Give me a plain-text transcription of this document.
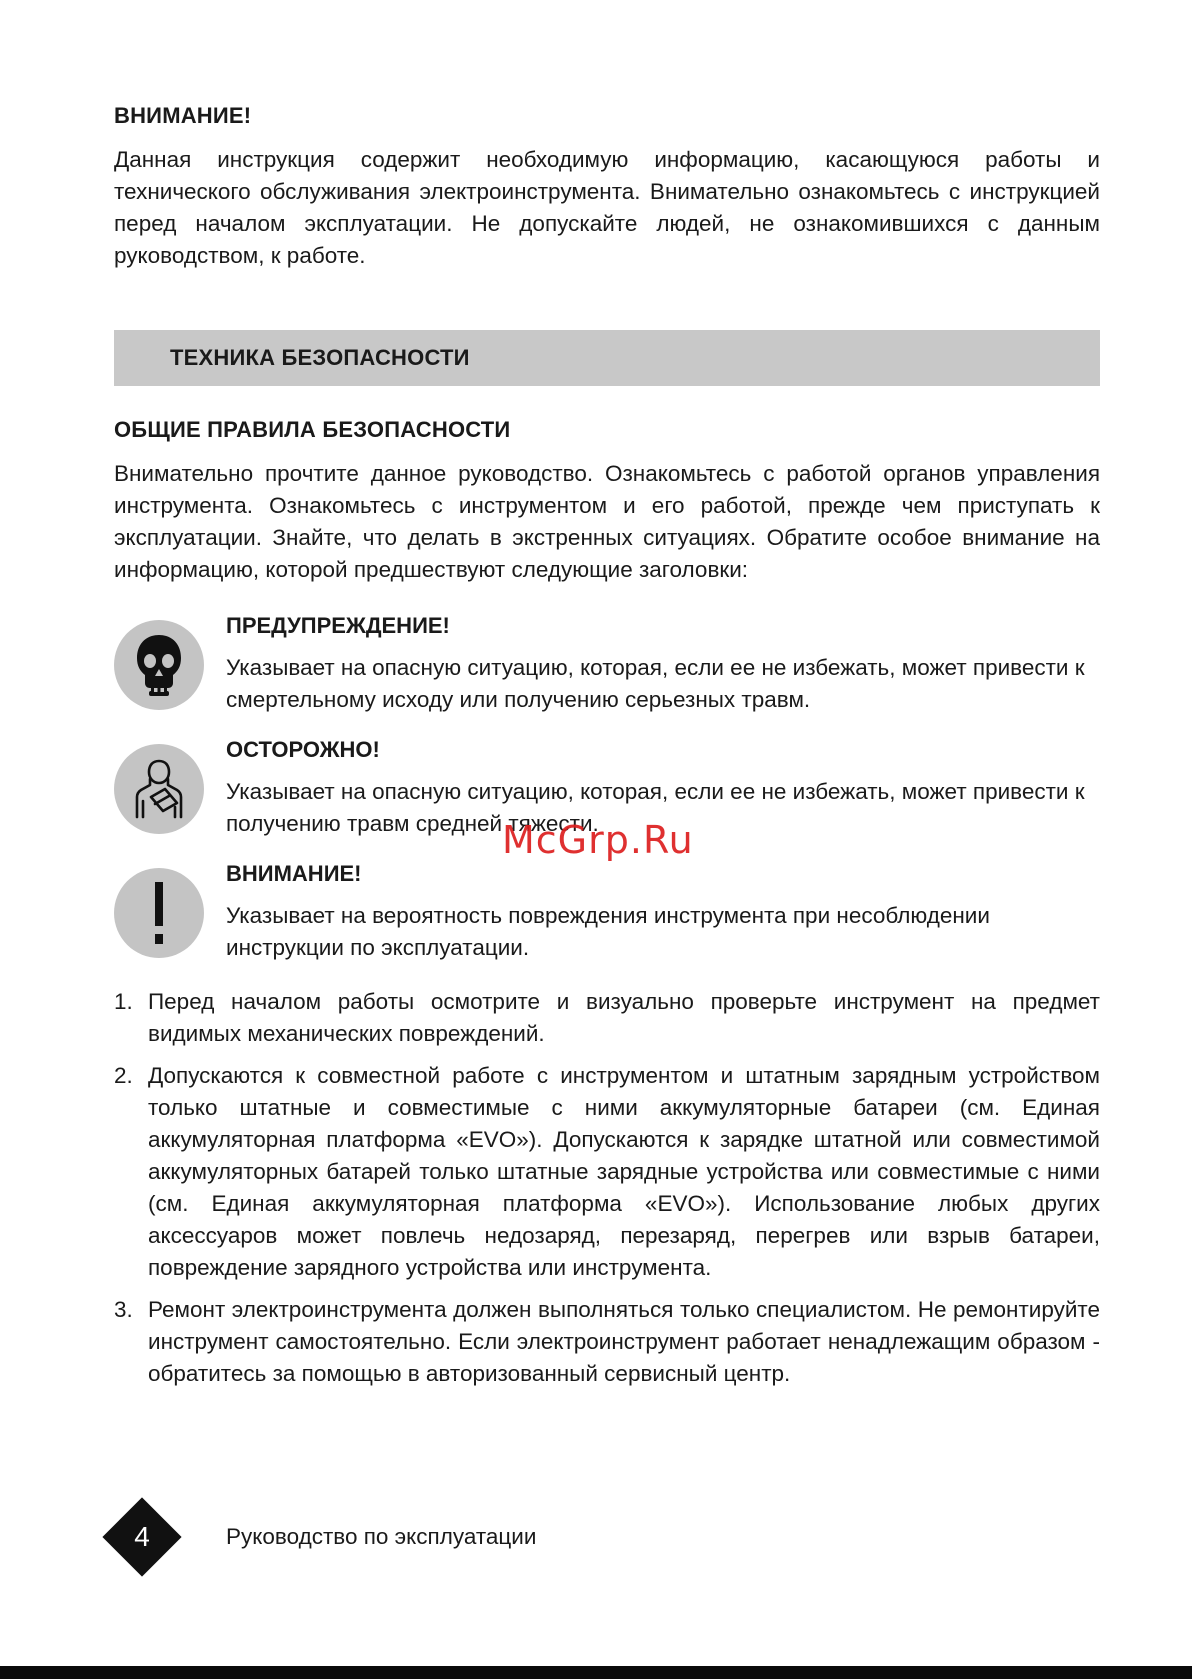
ВНИМАНИЕ!

Данная инструкция содержит необходимую информацию, касающуюся работы и технического обслуживания электроинструмента. Внимательно ознакомьтесь с инструкцией перед началом эксплуатации. Не допускайте людей, не ознакомившихся с данным руководством, к работе.

ТЕХНИКА БЕЗОПАСНОСТИ
ОБЩИЕ ПРАВИЛА БЕЗОПАСНОСТИ

Внимательно прочтите данное руководство. Ознакомьтесь с работой органов управления инструмента. Ознакомьтесь с инструментом и его работой, прежде чем приступать к эксплуатации. Знайте, что делать в экстренных ситуациях. Обратите особое внимание на информацию, которой предшествуют следующие заголовки:

ПРЕДУПРЕЖДЕНИЕ!

Указывает на опасную ситуацию, которая, если ее не избежать, может привести к смертельному исходу или получению серьезных травм.

ОСТОРОЖНО!

Указывает на опасную ситуацию, которая, если ее не избежать, может привести к получению травм средней тяжести.

ВНИМАНИЕ!

Указывает на вероятность повреждения инструмента при несоблюдении инструкции по эксплуатации.

1. Перед началом работы осмотрите и визуально проверьте инструмент на предмет видимых механических повреждений.
2. Допускаются к совместной работе с инструментом и штатным зарядным устройством только штатные и совместимые с ними аккумуляторные батареи (см. Единая аккумуляторная платформа «EVO»). Допускаются к зарядке штатной или совместимой аккумуляторных батарей только штатные зарядные устройства или совместимые с ними (см. Единая аккумуляторная платформа «EVO»). Использование любых других аксессуаров может повлечь недозаряд, перезаряд, перегрев или взрыв батареи, повреждение зарядного устройства или инструмента.
3. Ремонт электроинструмента должен выполняться только специалистом. Не ремонтируйте инструмент самостоятельно. Если электроинструмент работает ненадлежащим образом - обратитесь за помощью в авторизованный сервисный центр.
McGrp.Ru
4	Руководство по эксплуатации
